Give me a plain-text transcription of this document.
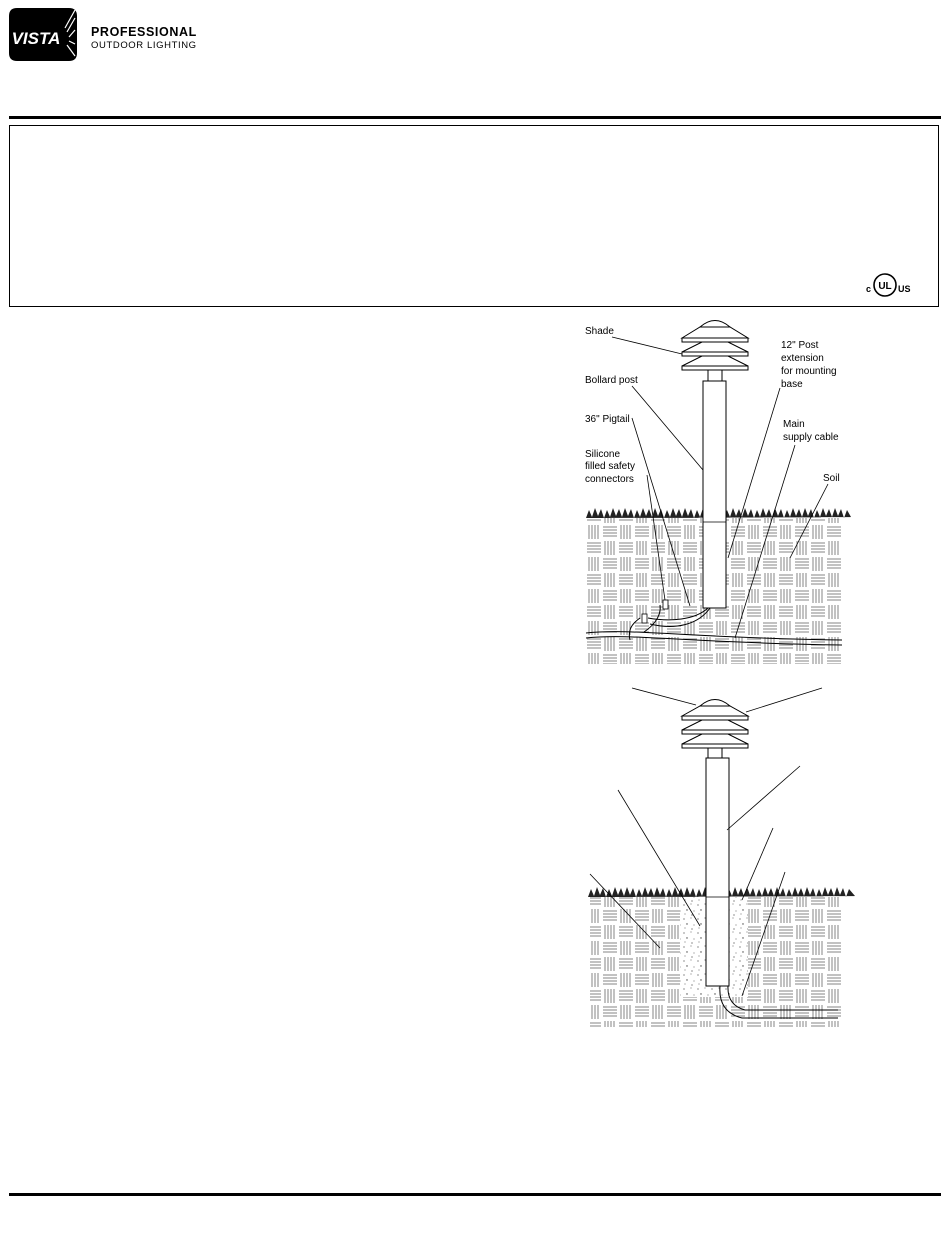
VISTA PROFESSIONAL
OUTDOOR LIGHTING
c UL US
Shade
12" Post
extension
for mounting
base
Bollard post
36" Pigtail	Main
supply cable
Silicone
filled safety
connectors	Soil
